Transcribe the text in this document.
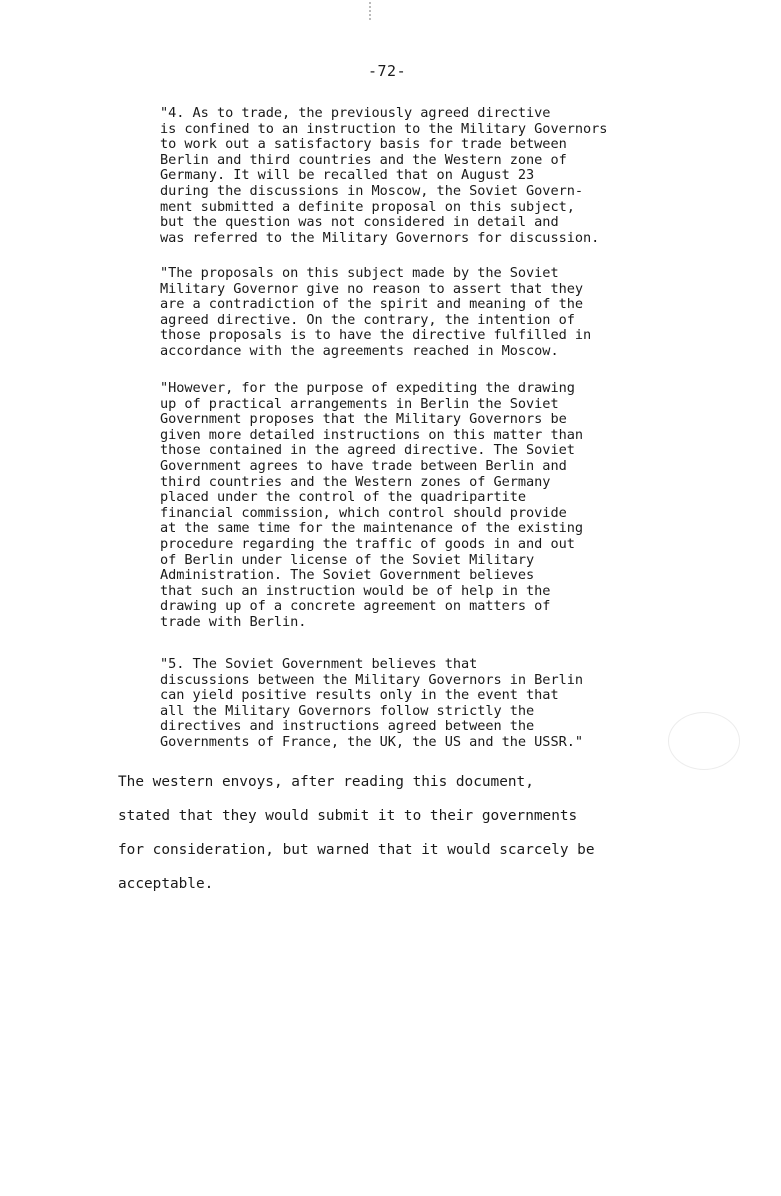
-72-
"4. As to trade, the previously agreed directive
is confined to an instruction to the Military Governors
to work out a satisfactory basis for trade between
Berlin and third countries and the Western zone of
Germany. It will be recalled that on August 23
during the discussions in Moscow, the Soviet Govern-
ment submitted a definite proposal on this subject,
but the question was not considered in detail and
was referred to the Military Governors for discussion.
"The proposals on this subject made by the Soviet
Military Governor give no reason to assert that they
are a contradiction of the spirit and meaning of the
agreed directive. On the contrary, the intention of
those proposals is to have the directive fulfilled in
accordance with the agreements reached in Moscow.
"However, for the purpose of expediting the drawing
up of practical arrangements in Berlin the Soviet
Government proposes that the Military Governors be
given more detailed instructions on this matter than
those contained in the agreed directive. The Soviet
Government agrees to have trade between Berlin and
third countries and the Western zones of Germany
placed under the control of the quadripartite
financial commission, which control should provide
at the same time for the maintenance of the existing
procedure regarding the traffic of goods in and out
of Berlin under license of the Soviet Military
Administration. The Soviet Government believes
that such an instruction would be of help in the
drawing up of a concrete agreement on matters of
trade with Berlin.
"5. The Soviet Government believes that
discussions between the Military Governors in Berlin
can yield positive results only in the event that
all the Military Governors follow strictly the
directives and instructions agreed between the
Governments of France, the UK, the US and the USSR."
The western envoys, after reading this document,
stated that they would submit it to their governments
for consideration, but warned that it would scarcely be
acceptable.
